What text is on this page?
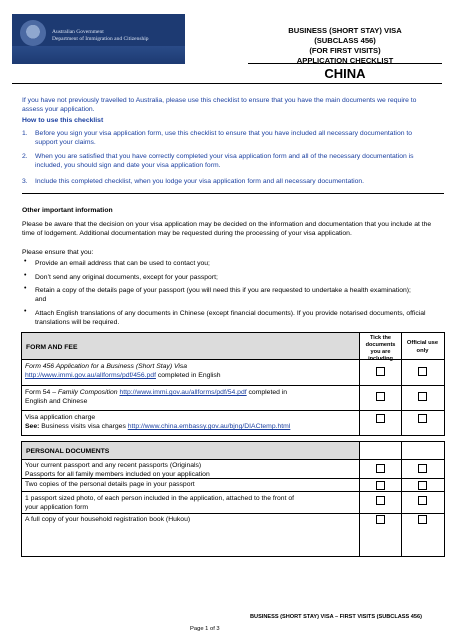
Australian Government
Department of Immigration and Citizenship
BUSINESS (SHORT STAY) VISA
(SUBCLASS 456)
(FOR FIRST VISITS)
APPLICATION CHECKLIST
CHINA
If you have not previously travelled to Australia, please use this checklist to ensure that you have the main documents we require to assess your application.
How to use this checklist
1. Before you sign your visa application form, use this checklist to ensure that you have included all necessary documentation to support your claims.
2. When you are satisfied that you have correctly completed your visa application form and all of the necessary documentation is included, you should sign and date your visa application form.
3. Include this completed checklist, when you lodge your visa application form and all necessary documentation.
Other important information
Please be aware that the decision on your visa application may be decided on the information and documentation that you include at the time of lodgement. Additional documentation may be requested during the processing of your visa application.
Please ensure that you:
• Provide an email address that can be used to contact you;
• Don’t send any original documents, except for your passport;
• Retain a copy of the details page of your passport (you will need this if you are requested to undertake a health examination); and
• Attach English translations of any documents in Chinese (except financial documents). If you provide notarised documents, official translations will be required.
FORM AND FEE
Tick the documents you are including
Official use only
Form 456 Application for a Business (Short Stay) Visa
http://www.immi.gov.au/allforms/pdf/456.pdf completed in English
Form 54 – Family Composition http://www.immi.gov.au/allforms/pdf/54.pdf completed in
English and Chinese
Visa application charge
See: Business visits visa charges http://www.china.embassy.gov.au/bjng/DIACtemp.html
PERSONAL DOCUMENTS
Your current passport and any recent passports (Originals)
Passports for all family members included on your application
Two copies of the personal details page in your passport
1 passport sized photo, of each person included in the application, attached to the front of
your application form
A full copy of your household registration book (Hukou)
BUSINESS (SHORT STAY) VISA – FIRST VISITS (SUBCLASS 456)
Page 1 of 3
